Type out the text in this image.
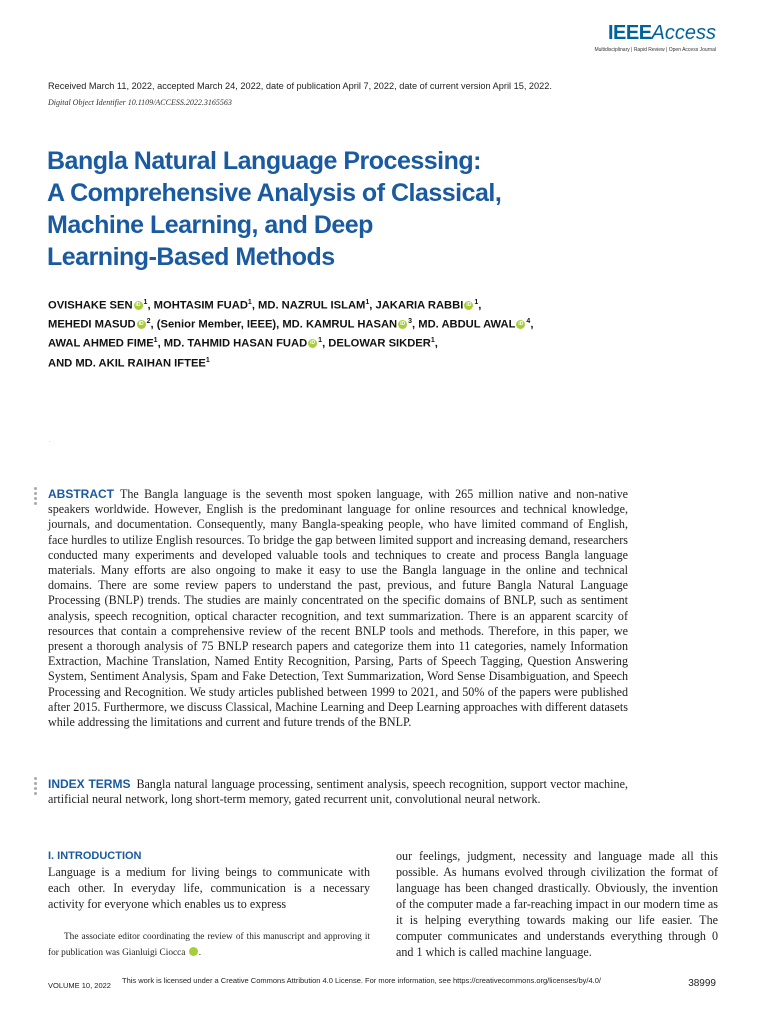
IEEEAccess
Multidisciplinary | Rapid Review | Open Access Journal
Received March 11, 2022, accepted March 24, 2022, date of publication April 7, 2022, date of current version April 15, 2022.
Digital Object Identifier 10.1109/ACCESS.2022.3165563
Bangla Natural Language Processing:
A Comprehensive Analysis of Classical,
Machine Learning, and Deep
Learning-Based Methods
OVISHAKE SEN iD $^1$, MOHTASIM FUAD$^1$, MD. NAZRUL ISLAM$^1$, JAKARIA RABBI iD $^1$,
MEHEDI MASUD iD $^2$, (Senior Member, IEEE), MD. KAMRUL HASAN iD $^3$, MD. ABDUL AWAL iD $^4$,
AWAL AHMED FIME$^1$, MD. TAHMID HASAN FUAD iD $^1$, DELOWAR SIKDER$^1$,
AND MD. AKIL RAIHAN IFTEE$^1$
.
ABSTRACT The Bangla language is the seventh most spoken language, with 265 million native and non-native speakers worldwide. However, English is the predominant language for online resources and technical knowledge, journals, and documentation. Consequently, many Bangla-speaking people, who have limited command of English, face hurdles to utilize English resources. To bridge the gap between limited support and increasing demand, researchers conducted many experiments and developed valuable tools and techniques to create and process Bangla language materials. Many efforts are also ongoing to make it easy to use the Bangla language in the online and technical domains. There are some review papers to understand the past, previous, and future Bangla Natural Language Processing (BNLP) trends. The studies are mainly concentrated on the specific domains of BNLP, such as sentiment analysis, speech recognition, optical character recognition, and text summarization. There is an apparent scarcity of resources that contain a comprehensive review of the recent BNLP tools and methods. Therefore, in this paper, we present a thorough analysis of 75 BNLP research papers and categorize them into 11 categories, namely Information Extraction, Machine Translation, Named Entity Recognition, Parsing, Parts of Speech Tagging, Question Answering System, Sentiment Analysis, Spam and Fake Detection, Text Summarization, Word Sense Disambiguation, and Speech Processing and Recognition. We study articles published between 1999 to 2021, and 50% of the papers were published after 2015. Furthermore, we discuss Classical, Machine Learning and Deep Learning approaches with different datasets while addressing the limitations and current and future trends of the BNLP.
INDEX TERMS Bangla natural language processing, sentiment analysis, speech recognition, support vector machine, artificial neural network, long short-term memory, gated recurrent unit, convolutional neural network.
I. INTRODUCTION
Language is a medium for living beings to communicate with each other. In everyday life, communication is a necessary activity for everyone which enables us to express
The associate editor coordinating the review of this manuscript and approving it for publication was Gianluigi Ciocca	iD.
our feelings, judgment, necessity and language made all this possible. As humans evolved through civilization the format of language has been changed drastically. Obviously, the invention of the computer made a far-reaching impact in our modern time as it is helping everything towards making our life easier. The computer communicates and understands everything through 0 and 1 which is called machine language.
VOLUME 10, 2022
This work is licensed under a Creative Commons Attribution 4.0 License. For more information, see https://creativecommons.org/licenses/by/4.0/	38999
